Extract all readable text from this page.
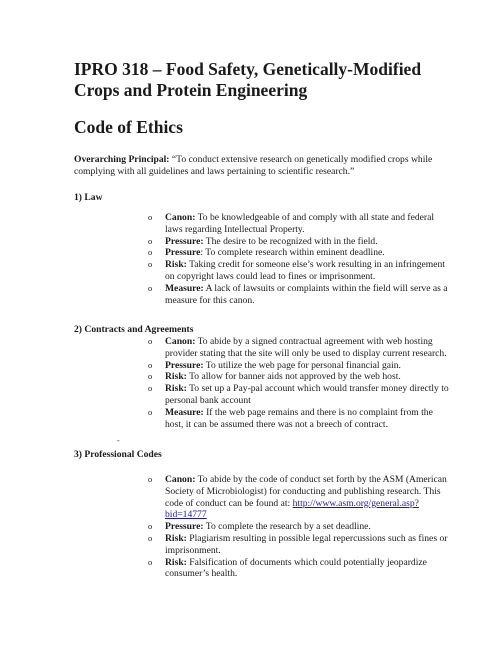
IPRO 318 – Food Safety, Genetically-Modified Crops and Protein Engineering
Code of Ethics

Overarching Principal: “To conduct extensive research on genetically modified crops while complying with all guidelines and laws pertaining to scientific research.”

1) Law

o Canon: To be knowledgeable of and comply with all state and federal laws regarding Intellectual Property.
o Pressure: The desire to be recognized with in the field.
o Pressure: To complete research within eminent deadline.
o Risk: Taking credit for someone else’s work resulting in an infringement on copyright laws could lead to fines or imprisonment.
o Measure: A lack of lawsuits or complaints within the field will serve as a measure for this canon.

2) Contracts and Agreements

o Canon: To abide by a signed contractual agreement with web hosting provider stating that the site will only be used to display current research.
o Pressure: To utilize the web page for personal financial gain.
o Risk: To allow for banner aids not approved by the web host.
o Risk: To set up a Pay-pal account which would transfer money directly to personal bank account
o Measure: If the web page remains and there is no complaint from the host, it can be assumed there was not a breech of contract.
-

3) Professional Codes

o Canon: To abide by the code of conduct set forth by the ASM (American Society of Microbiologist) for conducting and publishing research. This code of conduct can be found at: http://www.asm.org/general.asp?bid=14777
o Pressure: To complete the research by a set deadline.
o Risk: Plagiarism resulting in possible legal repercussions such as fines or imprisonment.
o Risk: Falsification of documents which could potentially jeopardize consumer’s health.
